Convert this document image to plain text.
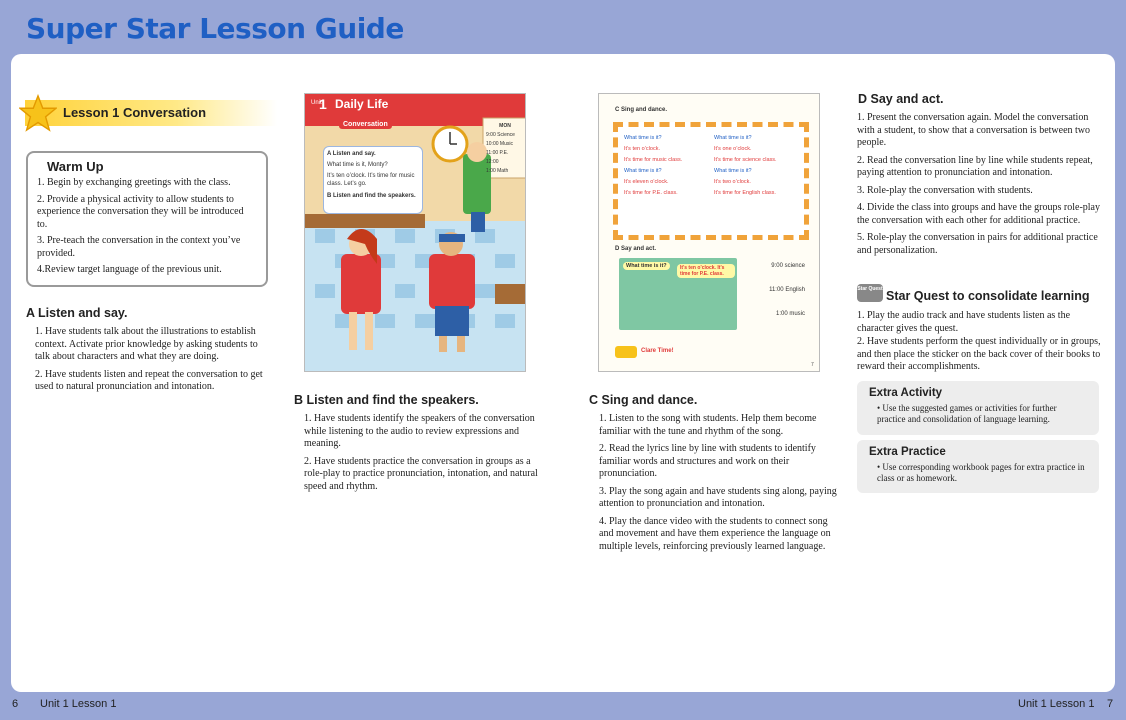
Super Star Lesson Guide
Lesson 1 Conversation
Warm Up
1. Begin by exchanging greetings with the class.
2. Provide a physical activity to allow students to experience the conversation they will be introduced to.
3. Pre-teach the conversation in the context you’ve provided.
4.Review target language of the previous unit.
A Listen and say.
1. Have students talk about the illustrations to establish context. Activate prior knowledge by asking students to talk about characters and what they are doing.
2. Have students listen and repeat the conversation to get used to natural pronunciation and intonation.
Unit
1 Daily Life
Conversation
A Listen and say.
What time is it, Monty?
It’s ten o’clock. It’s time for music class. Let’s go.
B Listen and find the speakers.
MON
9:00 Science
10:00 Music
11:00 P.E.
12:00
1:00 Math
B Listen and find the speakers.
1. Have students identify the speakers of the conversation while listening to the audio to review expressions and meaning.
2. Have students practice the conversation in groups as a role-play to practice pronunciation, intonation, and natural speed and rhythm.
C Sing and dance.
What time is it?	What time is it?
It’s ten o’clock.	It’s one o’clock.
It’s time for music class.	It’s time for science class.
What time is it?	What time is it?
It’s eleven o’clock.	It’s two o’clock.
It’s time for P.E. class.	It’s time for English class.
D Say and act.
What time is it?	It’s ten o’clock. It’s time for P.E. class.
9:00 science
11:00 English
1:00 music
Clare Time!
7
C Sing and dance.
1. Listen to the song with students. Help them become familiar with the tune and rhythm of the song.
2. Read the lyrics line by line with students to identify familiar words and structures and work on their pronunciation.
3. Play the song again and have students sing along, paying attention to pronunciation and intonation.
4. Play the dance video with the students to connect song and movement and have them experience the language on multiple levels, reinforcing previously learned language.
D Say and act.
1. Present the conversation again. Model the conversation with a student, to show that a conversation is between two people.
2. Read the conversation line by line while students repeat, paying attention to pronunciation and intonation.
3. Role-play the conversation with students.
4. Divide the class into groups and have the groups role-play the conversation with each other for additional practice.
5. Role-play the conversation in pairs for additional practice and personalization.
Star Quest Star Quest to consolidate learning
1. Play the audio track and have students listen as the character gives the quest.
2. Have students perform the quest individually or in groups, and then place the sticker on the back cover of their books to reward their accomplishments.
Extra Activity

• Use the suggested games or activities for further practice and consolidation of language learning.

Extra Practice

• Use corresponding workbook pages for extra practice in class or as homework.

6 Unit 1 Lesson 1	Unit 1 Lesson 1 7
